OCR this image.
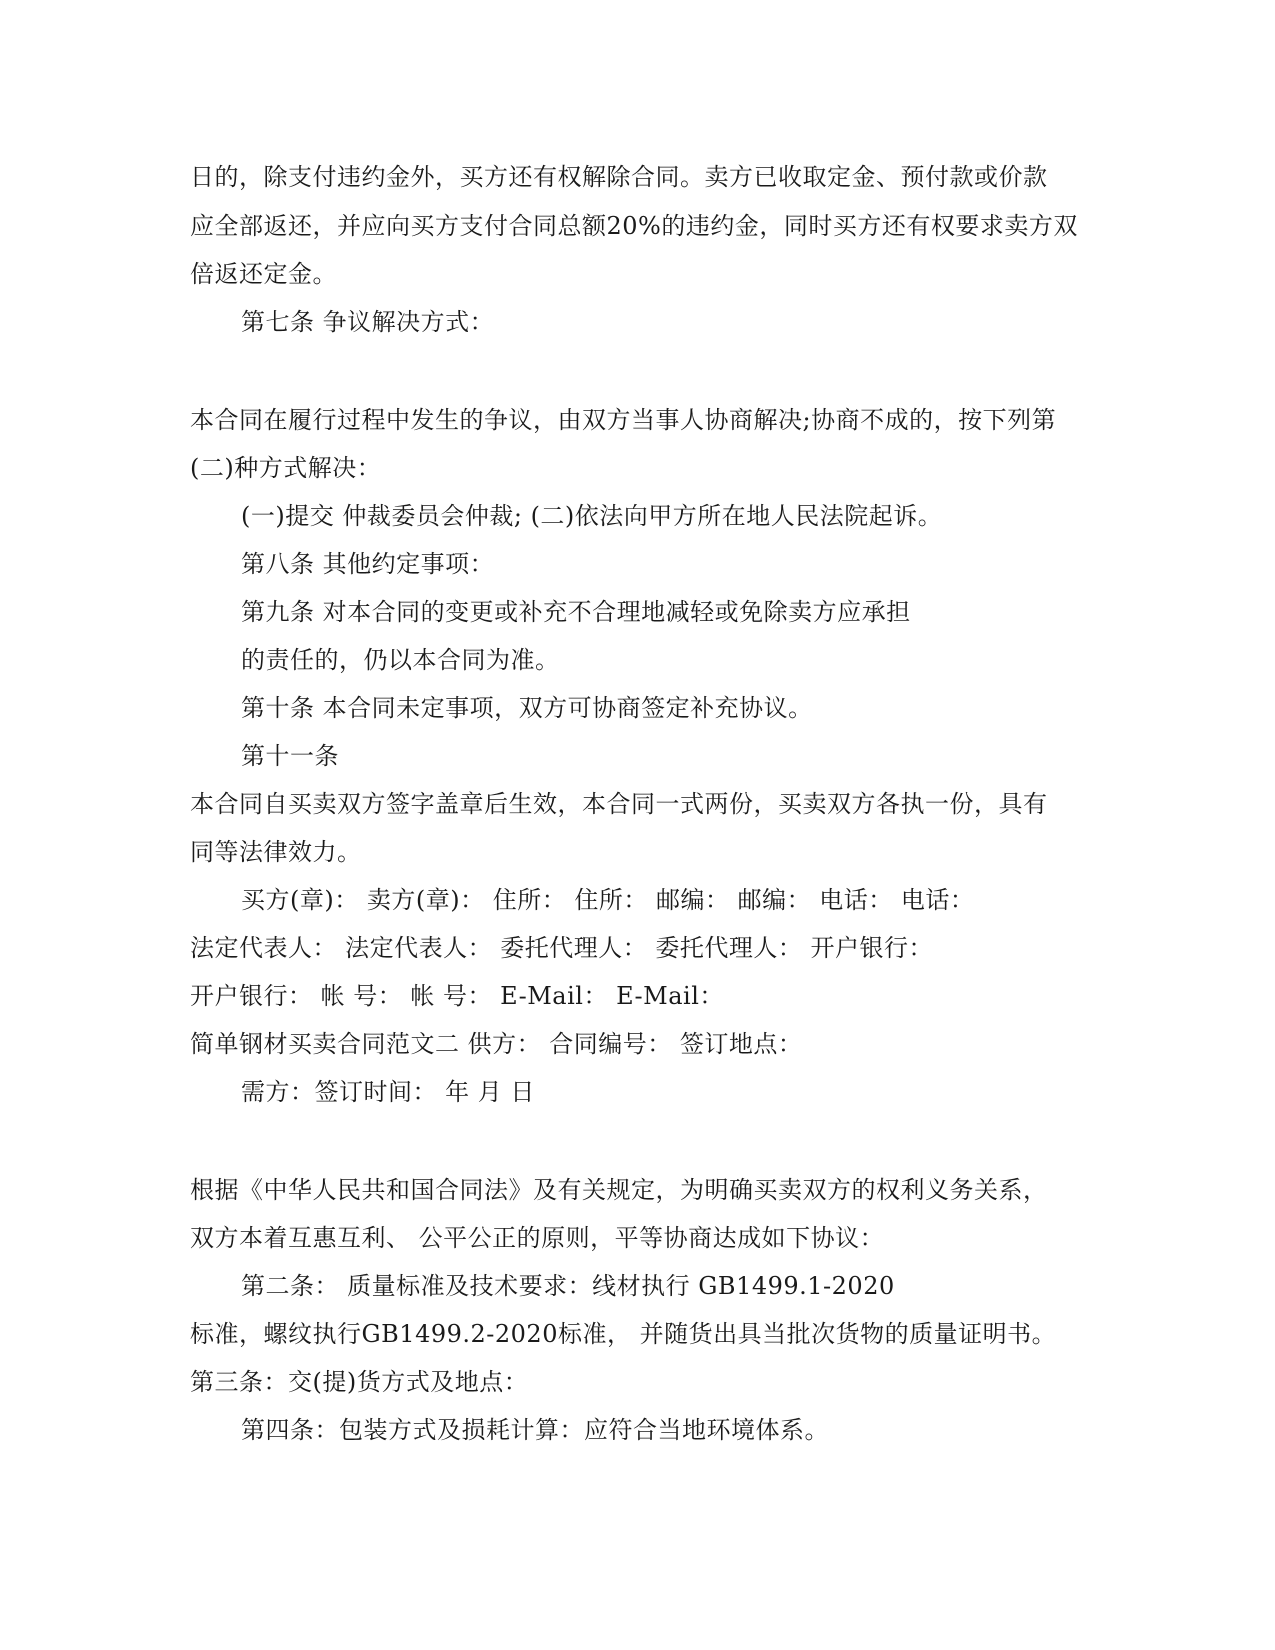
日的，除支付违约金外，买方还有权解除合同。卖方已收取定金、预付款或价款
应全部返还，并应向买方支付合同总额20%的违约金，同时买方还有权要求卖方双
倍返还定金。
第七条 争议解决方式：
本合同在履行过程中发生的争议，由双方当事人协商解决;协商不成的，按下列第
(二)种方式解决：
(一)提交 仲裁委员会仲裁; (二)依法向甲方所在地人民法院起诉。
第八条 其他约定事项：
第九条 对本合同的变更或补充不合理地减轻或免除卖方应承担
的责任的，仍以本合同为准。
第十条 本合同未定事项，双方可协商签定补充协议。
第十一条
本合同自买卖双方签字盖章后生效，本合同一式两份，买卖双方各执一份，具有
同等法律效力。
买方(章)： 卖方(章)： 住所： 住所： 邮编： 邮编： 电话： 电话：
法定代表人： 法定代表人： 委托代理人： 委托代理人： 开户银行：
开户银行： 帐 号： 帐 号： E-Mail： E-Mail：
简单钢材买卖合同范文二 供方： 合同编号： 签订地点：
需方：签订时间： 年 月 日
根据《中华人民共和国合同法》及有关规定，为明确买卖双方的权利义务关系，
双方本着互惠互利、 公平公正的原则，平等协商达成如下协议：
第二条： 质量标准及技术要求：线材执行 GB1499.1-2020
标准，螺纹执行GB1499.2-2020标准， 并随货出具当批次货物的质量证明书。
第三条：交(提)货方式及地点：
第四条：包装方式及损耗计算：应符合当地环境体系。
